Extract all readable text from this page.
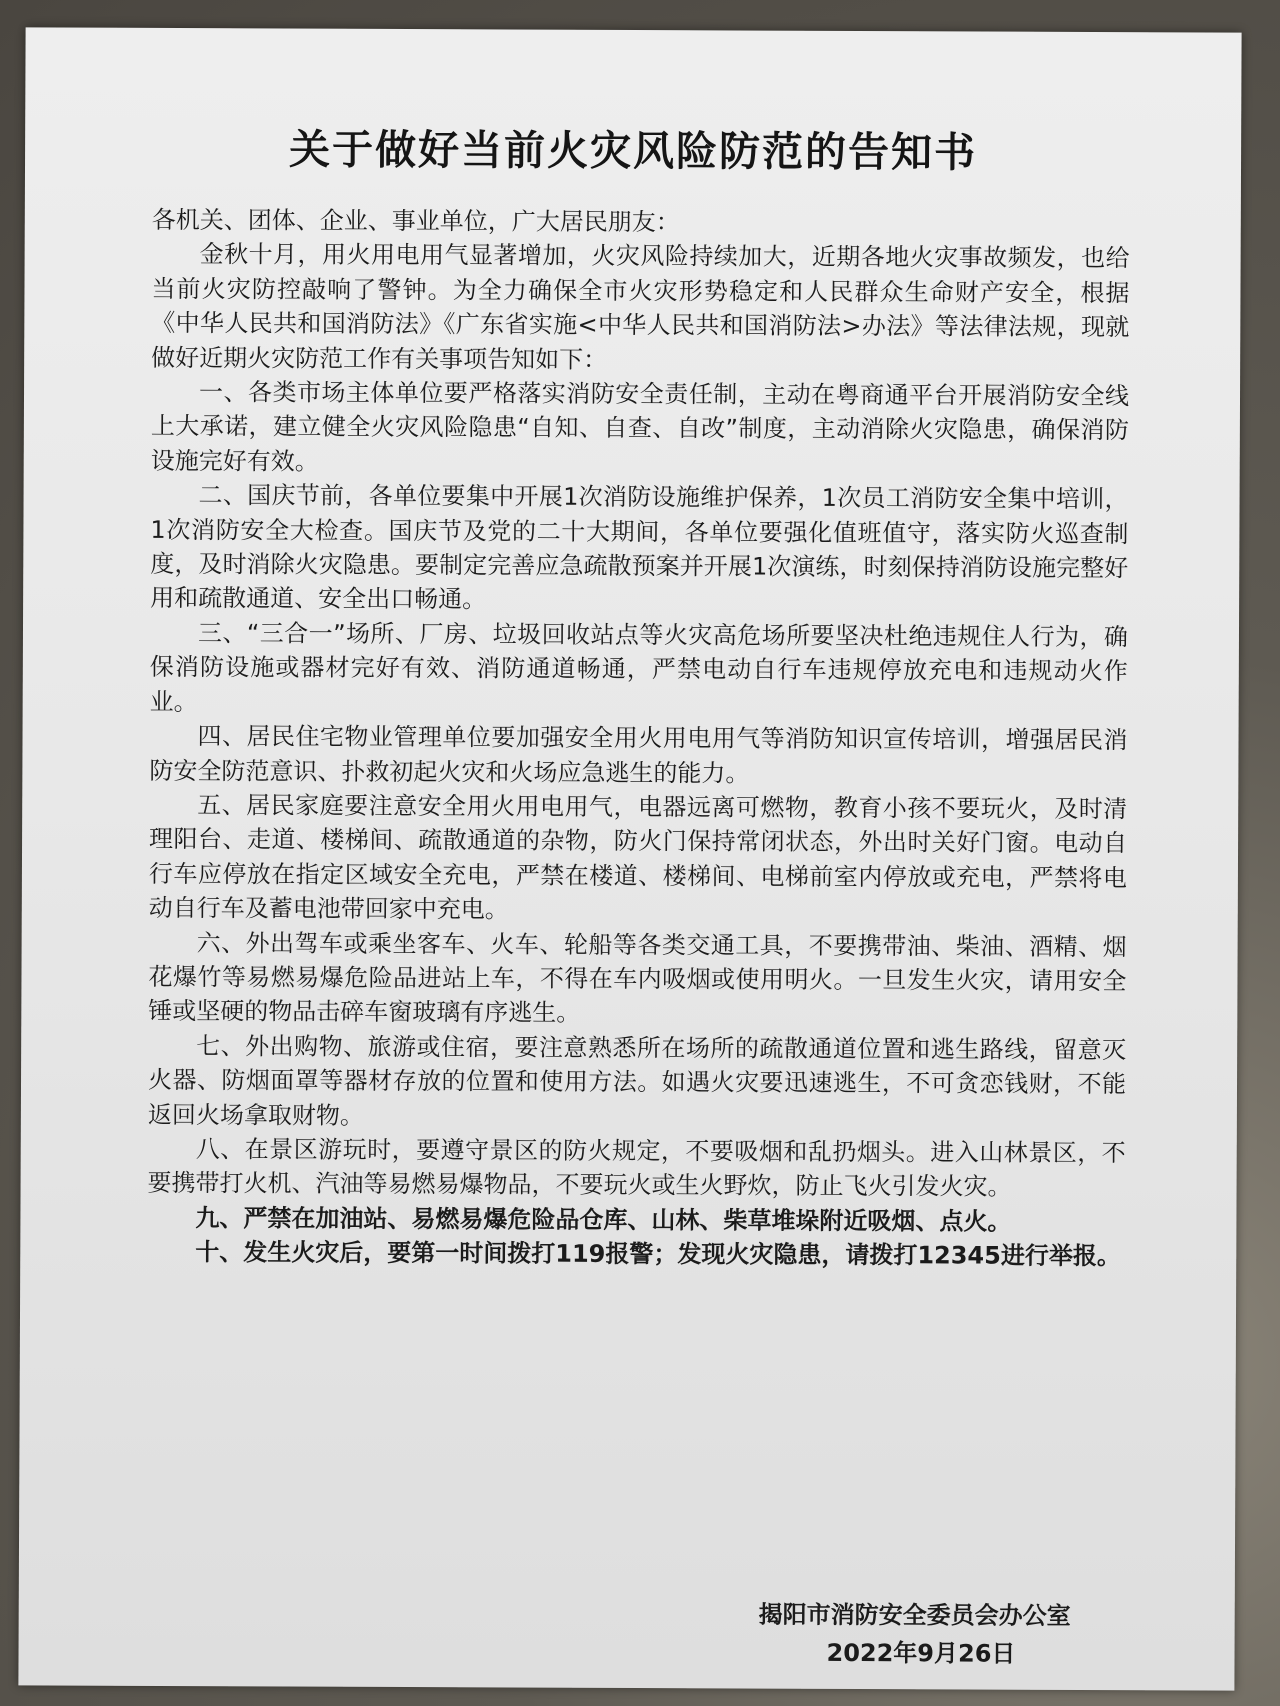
关于做好当前火灾风险防范的告知书

各机关、团体、企业、事业单位，广大居民朋友：

金秋十月，用火用电用气显著增加，火灾风险持续加大，近期各地火灾事故频发，也给当前火灾防控敲响了警钟。为全力确保全市火灾形势稳定和人民群众生命财产安全，根据《中华人民共和国消防法》《广东省实施<中华人民共和国消防法>办法》等法律法规，现就做好近期火灾防范工作有关事项告知如下：

一、各类市场主体单位要严格落实消防安全责任制，主动在粤商通平台开展消防安全线上大承诺，建立健全火灾风险隐患“自知、自查、自改”制度，主动消除火灾隐患，确保消防设施完好有效。

二、国庆节前，各单位要集中开展1次消防设施维护保养，1次员工消防安全集中培训，1次消防安全大检查。国庆节及党的二十大期间，各单位要强化值班值守，落实防火巡查制度，及时消除火灾隐患。要制定完善应急疏散预案并开展1次演练，时刻保持消防设施完整好用和疏散通道、安全出口畅通。

三、“三合一”场所、厂房、垃圾回收站点等火灾高危场所要坚决杜绝违规住人行为，确保消防设施或器材完好有效、消防通道畅通，严禁电动自行车违规停放充电和违规动火作业。

四、居民住宅物业管理单位要加强安全用火用电用气等消防知识宣传培训，增强居民消防安全防范意识、扑救初起火灾和火场应急逃生的能力。

五、居民家庭要注意安全用火用电用气，电器远离可燃物，教育小孩不要玩火，及时清理阳台、走道、楼梯间、疏散通道的杂物，防火门保持常闭状态，外出时关好门窗。电动自行车应停放在指定区域安全充电，严禁在楼道、楼梯间、电梯前室内停放或充电，严禁将电动自行车及蓄电池带回家中充电。

六、外出驾车或乘坐客车、火车、轮船等各类交通工具，不要携带油、柴油、酒精、烟花爆竹等易燃易爆危险品进站上车，不得在车内吸烟或使用明火。一旦发生火灾，请用安全锤或坚硬的物品击碎车窗玻璃有序逃生。

七、外出购物、旅游或住宿，要注意熟悉所在场所的疏散通道位置和逃生路线，留意灭火器、防烟面罩等器材存放的位置和使用方法。如遇火灾要迅速逃生，不可贪恋钱财，不能返回火场拿取财物。

八、在景区游玩时，要遵守景区的防火规定，不要吸烟和乱扔烟头。进入山林景区，不要携带打火机、汽油等易燃易爆物品，不要玩火或生火野炊，防止飞火引发火灾。

九、严禁在加油站、易燃易爆危险品仓库、山林、柴草堆垛附近吸烟、点火。

十、发生火灾后，要第一时间拨打119报警；发现火灾隐患，请拨打12345进行举报。

揭阳市消防安全委员会办公室
2022年9月26日
